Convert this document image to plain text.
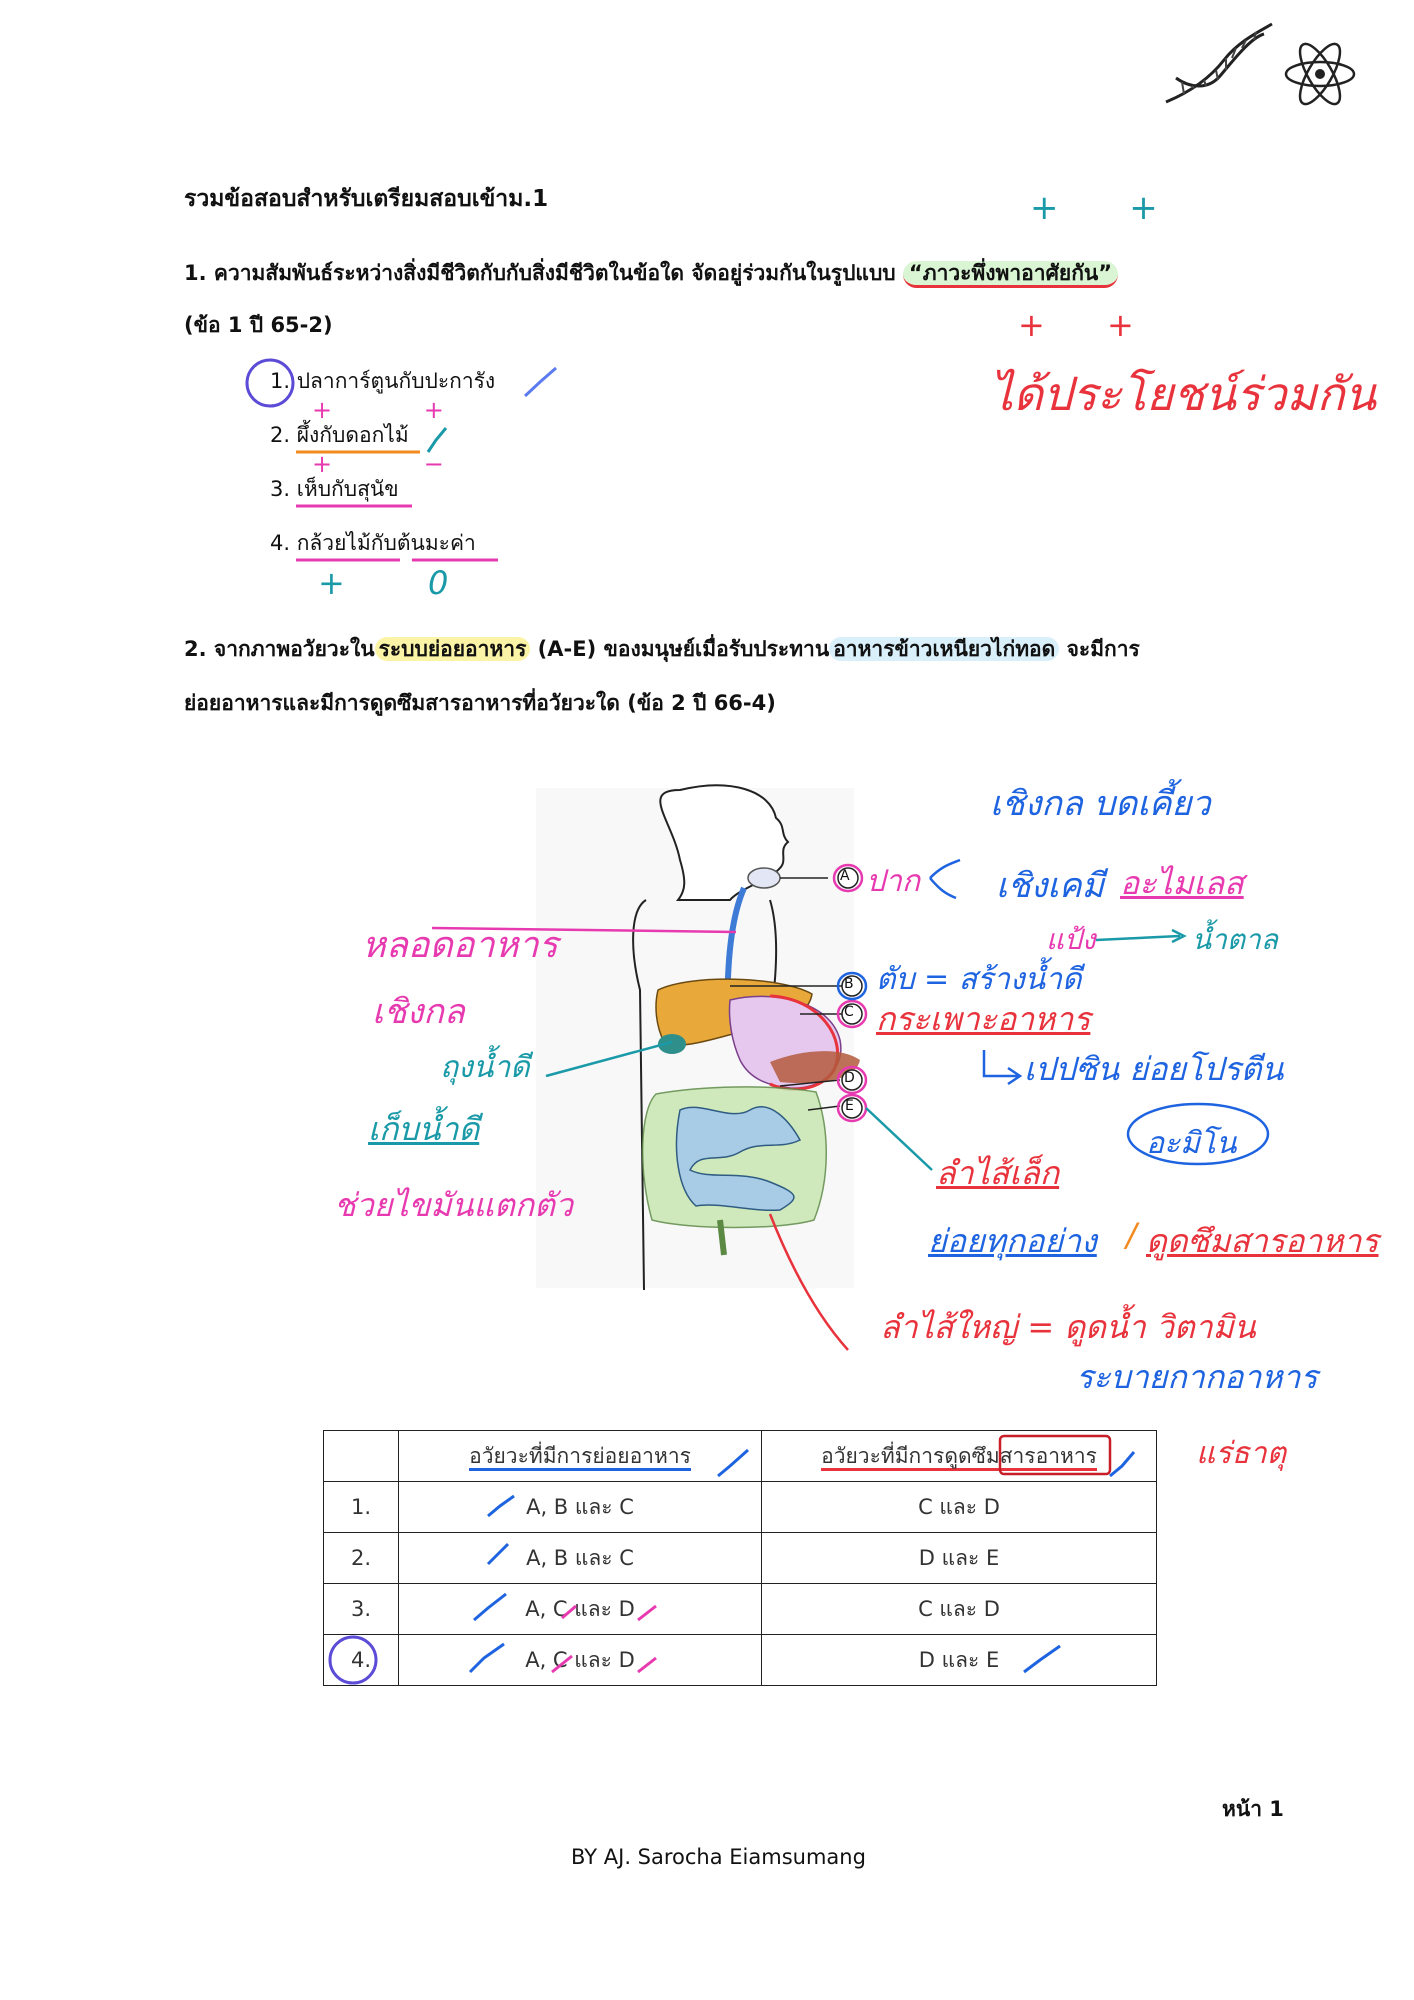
รวมข้อสอบสำหรับเตรียมสอบเข้าม.1
1. ความสัมพันธ์ระหว่างสิ่งมีชีวิตกับกับสิ่งมีชีวิตในข้อใด จัดอยู่ร่วมกันในรูปแบบ “ภาวะพึ่งพาอาศัยกัน”
(ข้อ 1 ปี 65-2)
1. ปลาการ์ตูนกับปะการัง
2. ผึ้งกับดอกไม้
3. เห็บกับสุนัข
4. กล้วยไม้กับต้นมะค่า
+ +
+ +
ได้ประโยชน์ร่วมกัน
+ +
+ −
+	0
2. จากภาพอวัยวะใน ระบบย่อยอาหาร (A-E) ของมนุษย์เมื่อรับประทาน อาหารข้าวเหนียวไก่ทอด จะมีการ
ย่อยอาหารและมีการดูดซึมสารอาหารที่อวัยวะใด (ข้อ 2 ปี 66-4)
A
B
C
D
E
เชิงกล บดเคี้ยว
ปาก เชิงเคมี อะไมเลส
แป้ง	น้ำตาล
หลอดอาหาร
เชิงกล
ตับ = สร้างน้ำดี
กระเพาะอาหาร
เปปซิน ย่อยโปรตีน
อะมิโน
ถุงน้ำดี
เก็บน้ำดี
ช่วยไขมันแตกตัว
ลำไส้เล็ก
ย่อยทุกอย่าง / ดูดซึมสารอาหาร
ลำไส้ใหญ่ = ดูดน้ำ วิตามิน
ระบายกากอาหาร
แร่ธาตุ
	อวัยวะที่มีการย่อยอาหาร	อวัยวะที่มีการดูดซึมสารอาหาร
1.	A, B และ C	C และ D
2.	A, B และ C	D และ E
3.	A, C และ D	C และ D
4.	A, C และ D	D และ E
หน้า 1
BY AJ. Sarocha Eiamsumang
